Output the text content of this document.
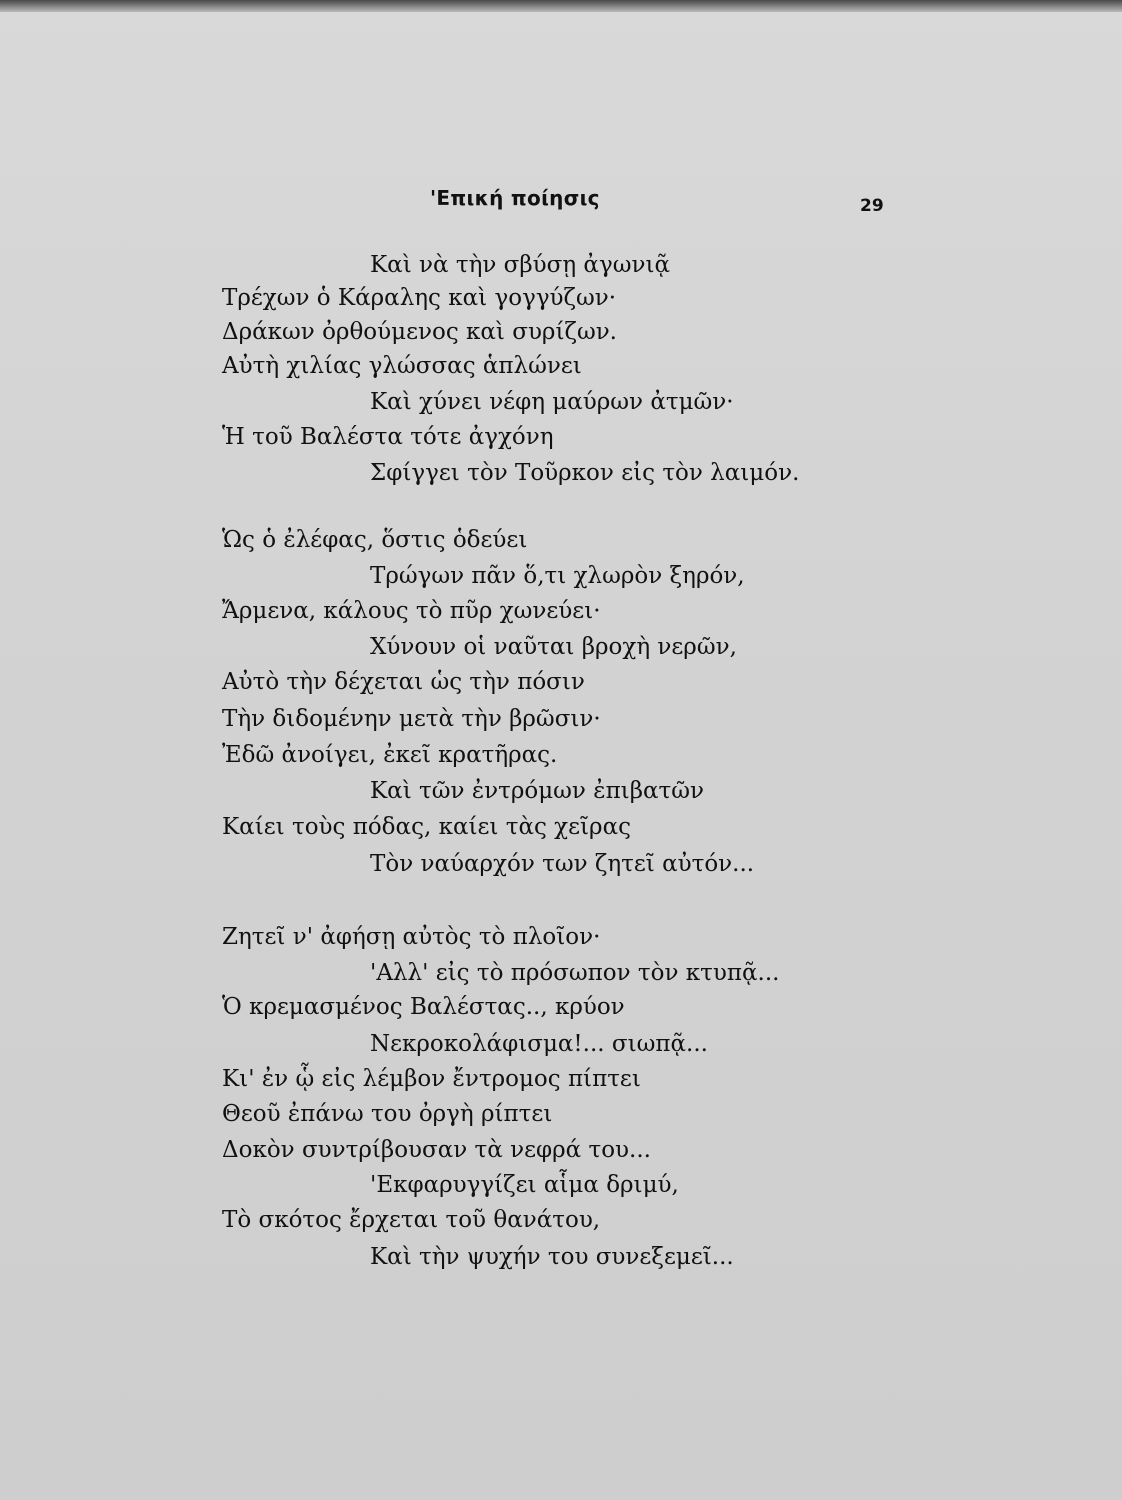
'Επική ποίησις	29
Καὶ νὰ τὴν σβύσῃ ἀγωνιᾷ
Τρέχων ὁ Κάραλης καὶ γογγύζων·
Δράκων ὀρθούμενος καὶ συρίζων.
Αὐτὴ χιλίας γλώσσας ἁπλώνει
Καὶ χύνει νέφη μαύρων ἀτμῶν·
Ἡ τοῦ Βαλέστα τότε ἀγχόνη
Σφίγγει τὸν Τοῦρκον εἰς τὸν λαιμόν.
Ὡς ὁ ἐλέφας, ὅστις ὁδεύει
Τρώγων πᾶν ὅ,τι χλωρὸν ξηρόν,
Ἄρμενα, κάλους τὸ πῦρ χωνεύει·
Χύνουν οἱ ναῦται βροχὴ νερῶν,
Αὐτὸ τὴν δέχεται ὡς τὴν πόσιν
Τὴν διδομένην μετὰ τὴν βρῶσιν·
Ἐδῶ ἀνοίγει, ἐκεῖ κρατῆρας.
Καὶ τῶν ἐντρόμων ἐπιβατῶν
Καίει τοὺς πόδας, καίει τὰς χεῖρας
Τὸν ναύαρχόν των ζητεῖ αὐτόν...
Ζητεῖ ν' ἀφήσῃ αὐτὸς τὸ πλοῖον·
'Αλλ' εἰς τὸ πρόσωπον τὸν κτυπᾷ...
Ὁ κρεμασμένος Βαλέστας.., κρύον
Νεκροκολάφισμα!... σιωπᾷ...
Κι' ἐν ᾧ εἰς λέμβον ἔντρομος πίπτει
Θεοῦ ἐπάνω του ὀργὴ ρίπτει
Δοκὸν συντρίβουσαν τὰ νεφρά του...
'Εκφαρυγγίζει αἷμα δριμύ,
Τὸ σκότος ἔρχεται τοῦ θανάτου,
Καὶ τὴν ψυχήν του συνεξεμεῖ...
